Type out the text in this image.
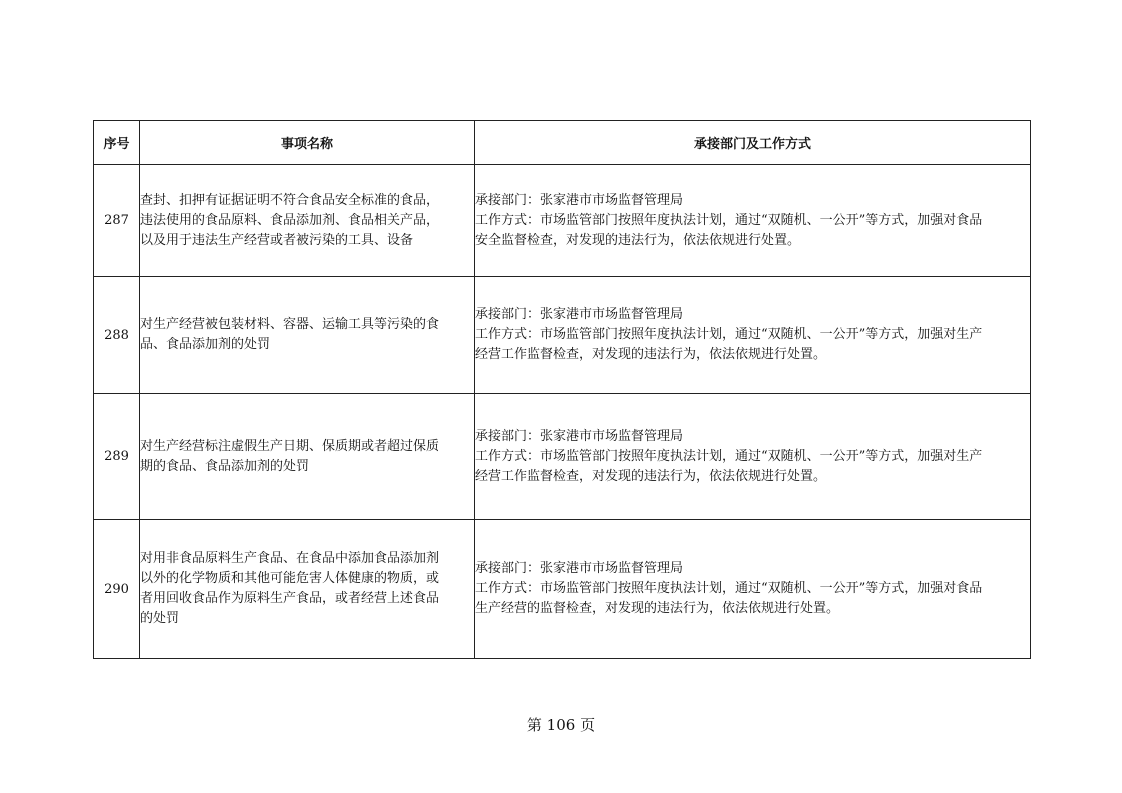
序号	事项名称	承接部门及工作方式
287	查封、扣押有证据证明不符合食品安全标准的食品，
违法使用的食品原料、食品添加剂、食品相关产品，
以及用于违法生产经营或者被污染的工具、设备	承接部门：张家港市市场监督管理局
工作方式：市场监管部门按照年度执法计划，通过“双随机、一公开”等方式，加强对食品
安全监督检查，对发现的违法行为，依法依规进行处置。

288	对生产经营被包装材料、容器、运输工具等污染的食
品、食品添加剂的处罚	承接部门：张家港市市场监督管理局
工作方式：市场监管部门按照年度执法计划，通过“双随机、一公开”等方式，加强对生产
经营工作监督检查，对发现的违法行为，依法依规进行处置。

289	对生产经营标注虚假生产日期、保质期或者超过保质
期的食品、食品添加剂的处罚	承接部门：张家港市市场监督管理局
工作方式：市场监管部门按照年度执法计划，通过“双随机、一公开”等方式，加强对生产
经营工作监督检查，对发现的违法行为，依法依规进行处置。

290	对用非食品原料生产食品、在食品中添加食品添加剂
以外的化学物质和其他可能危害人体健康的物质，或
者用回收食品作为原料生产食品，或者经营上述食品
的处罚	承接部门：张家港市市场监督管理局
工作方式：市场监管部门按照年度执法计划，通过“双随机、一公开”等方式，加强对食品
生产经营的监督检查，对发现的违法行为，依法依规进行处置。
第 106 页
